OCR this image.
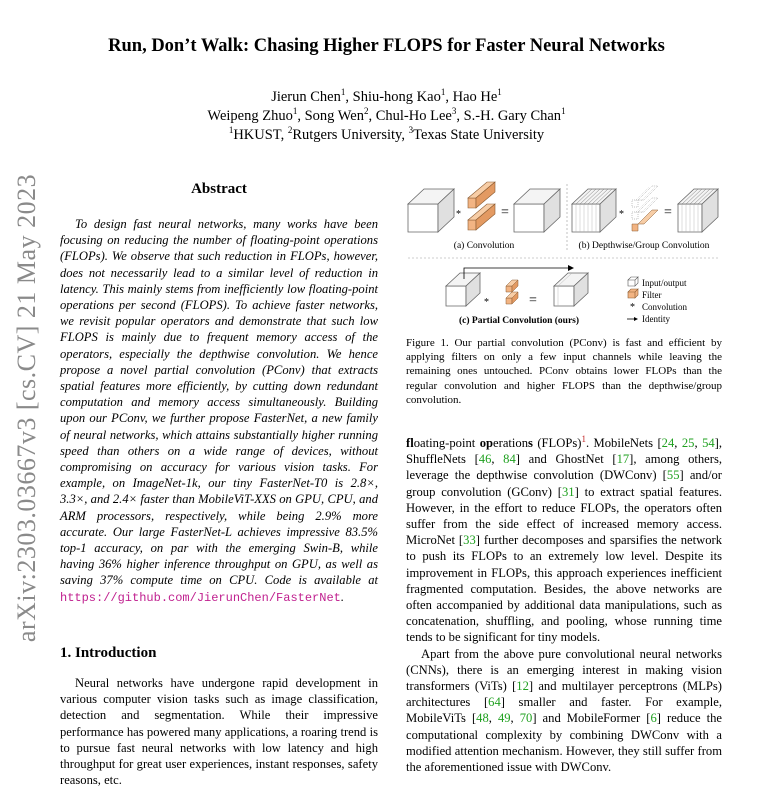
arXiv:2303.03667v3 [cs.CV] 21 May 2023
Run, Don’t Walk: Chasing Higher FLOPS for Faster Neural Networks
Jierun Chen$^1$, Shiu-hong Kao$^1$, Hao He$^1$
Weipeng Zhuo$^1$, Song Wen$^2$, Chul-Ho Lee$^3$, S.-H. Gary Chan$^1$
$^1$HKUST, $^2$Rutgers University, $^3$Texas State University
Abstract

To design fast neural networks, many works have been focusing on reducing the number of floating-point operations (FLOPs). We observe that such reduction in FLOPs, however, does not necessarily lead to a similar level of reduction in latency. This mainly stems from inefficiently low floating-point operations per second (FLOPS). To achieve faster networks, we revisit popular operators and demonstrate that such low FLOPS is mainly due to frequent memory access of the operators, especially the depthwise convolution. We hence propose a novel partial convolution (PConv) that extracts spatial features more efficiently, by cutting down redundant computation and memory access simultaneously. Building upon our PConv, we further propose FasterNet, a new family of neural networks, which attains substantially higher running speed than others on a wide range of devices, without compromising on accuracy for various vision tasks. For example, on ImageNet-1k, our tiny FasterNet-T0 is 2.8×, 3.3×, and 2.4× faster than MobileViT-XXS on GPU, CPU, and ARM processors, respectively, while being 2.9% more accurate. Our large FasterNet-L achieves impressive 83.5% top-1 accuracy, on par with the emerging Swin-B, while having 36% higher inference throughput on GPU, as well as saving 37% compute time on CPU. Code is available at https://github.com/JierunChen/FasterNet.

1. Introduction

Neural networks have undergone rapid development in various computer vision tasks such as image classification, detection and segmentation. While their impressive performance has powered many applications, a roaring trend is to pursue fast neural networks with low latency and high throughput for great user experiences, instant responses, safety reasons, etc.

*	=
(a) Convolution
*	=
(b) Depthwise/Group Convolution
*	=
(c) Partial Convolution (ours)
Input/output
Filter
* Convolution
Identity
Figure 1. Our partial convolution (PConv) is fast and efficient by applying filters on only a few input channels while leaving the remaining ones untouched. PConv obtains lower FLOPs than the regular convolution and higher FLOPS than the depthwise/group convolution.

floating-point operations (FLOPs)$^1$. MobileNets [24, 25, 54], ShuffleNets [46, 84] and GhostNet [17], among others, leverage the depthwise convolution (DWConv) [55] and/or group convolution (GConv) [31] to extract spatial features. However, in the effort to reduce FLOPs, the operators often suffer from the side effect of increased memory access. MicroNet [33] further decomposes and sparsifies the network to push its FLOPs to an extremely low level. Despite its improvement in FLOPs, this approach experiences inefficient fragmented computation. Besides, the above networks are often accompanied by additional data manipulations, such as concatenation, shuffling, and pooling, whose running time tends to be significant for tiny models.

Apart from the above pure convolutional neural networks (CNNs), there is an emerging interest in making vision transformers (ViTs) [12] and multilayer perceptrons (MLPs) architectures [64] smaller and faster. For example, MobileViTs [48, 49, 70] and MobileFormer [6] reduce the computational complexity by combining DWConv with a modified attention mechanism. However, they still suffer from the aforementioned issue with DWConv.
